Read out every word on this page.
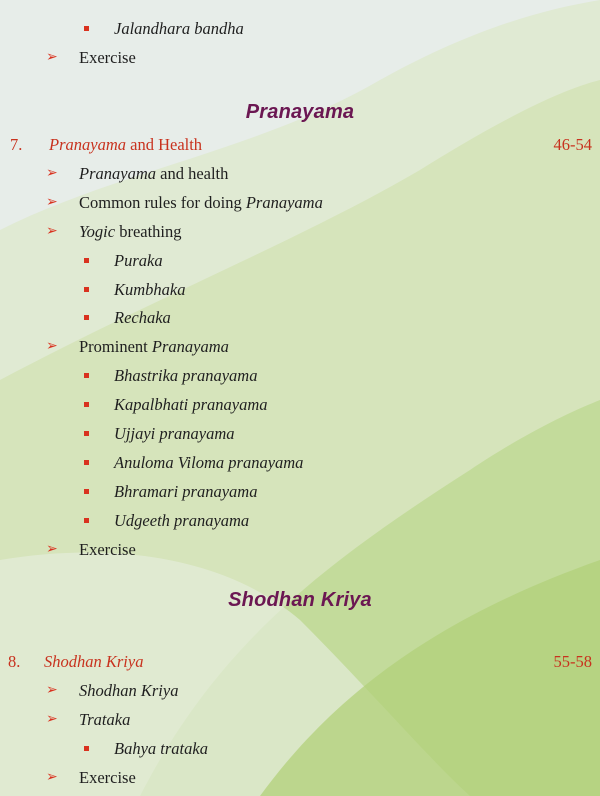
Jalandhara bandha
➢ Exercise
Pranayama
7. Pranayama and Health	46-54
➢ Pranayama and health
➢ Common rules for doing Pranayama
➢ Yogic breathing
Puraka
Kumbhaka
Rechaka
➢ Prominent Pranayama
Bhastrika pranayama
Kapalbhati pranayama
Ujjayi pranayama
Anuloma Viloma pranayama
Bhramari pranayama
Udgeeth pranayama
➢ Exercise
Shodhan Kriya
8. Shodhan Kriya	55-58
➢ Shodhan Kriya
➢ Trataka
Bahya trataka
➢ Exercise
